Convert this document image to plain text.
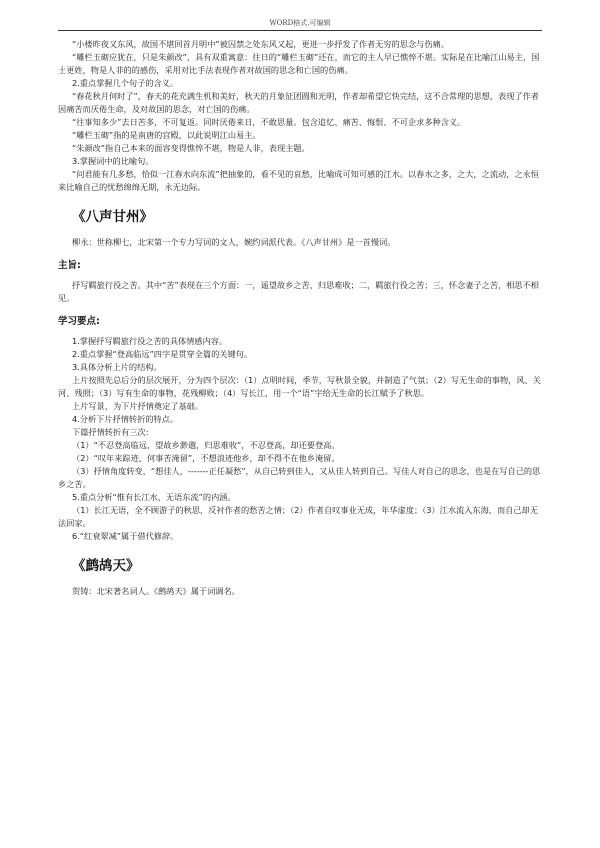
WORD格式.可编辑

“小楼昨夜又东风，故国不堪回首月明中”被囚禁之处东风又起，更进一步抒发了作者无穷的思念与伤痛。

“雕栏玉砌应犹在，只是朱颜改”，具有双重寓意：往日的“雕栏玉砌”还在，而它的主人早已憔悴不堪。实际是在比喻江山易主，国土更姓，物是人非的的感伤，采用对比手法表现作者对故国的思念和亡国的伤痛。

2.重点掌握几个句子的含义。

“春花秋月何时了”，春天的花充满生机和美好，秋天的月象征团圆和光明，作者却希望它快完结，这不合常理的思想，表现了作者因痛苦而厌倦生命，及对故国的思念，对亡国的伤痛。

“往事知多少”去日苦多，不可复返。同时厌倦来日，不敢思量。包含追忆、痛苦、悔恨、不可企求多种含义。

“雕栏玉砌”指的是南唐的宫殿，以此说明江山易主。

“朱颜改”指自己本来的面容变得憔悴不堪，物是人非，表现主题。

3.掌握词中的比喻句。

“问君能有几多愁，恰似一江春水向东流”把抽象的，看不见的哀愁，比喻成可知可感的江水。以春水之多，之大，之流动，之永恒来比喻自己的忧愁绵绵无期，永无边际。

《八声甘州》

柳永：世称柳七，北宋第一个专力写词的文人，婉约词派代表。《八声甘州》是一首慢词。

主旨:

抒写羁旅行役之苦。其中“苦”表现在三个方面：一，遥望故乡之苦，归思难收；二，羁旅行役之苦；三，怀念妻子之苦，相思不相见。

学习要点:

1.掌握抒写羁旅行役之苦的具体情感内容。

2.重点掌握“登高临远”四字是贯穿全篇的关键句。

3.具体分析上片的结构。

上片按照先总后分的层次展开，分为四个层次：（1）点明时间，季节，写秋景全貌，并制造了气氛；（2）写无生命的事物，风、关河、残照；（3）写有生命的事物，花残柳败；（4）写长江，用一个“语”字给无生命的长江赋予了秋思。

上片写景，为下片抒情奠定了基础。

4.分析下片抒情转折的特点。

下篇抒情转折有三次:

（1）“不忍登高临远，望故乡渺邈，归思难收”，不忍登高，却还要登高。

（2）“叹年来踪迹，何事苦淹留”，不想浪迹他乡，却不得不在他乡淹留。

（3）抒情角度转变，“想佳人，-------正任凝愁”，从自己转到佳人，又从佳人转到自己。写佳人对自己的思念，也是在写自己的思乡之苦。

5.重点分析“惟有长江水，无语东流”的内涵。

（1）长江无语，全不顾游子的秋思，反衬作者的愁苦之情；（2）作者自叹事业无成，年华虚度；（3）江水流入东海，而自己却无法回家。

6.“红衰翠减”属于借代修辞。

《鹧鸪天》

贺铸：北宋著名词人。《鹧鸪天》属于词调名。
